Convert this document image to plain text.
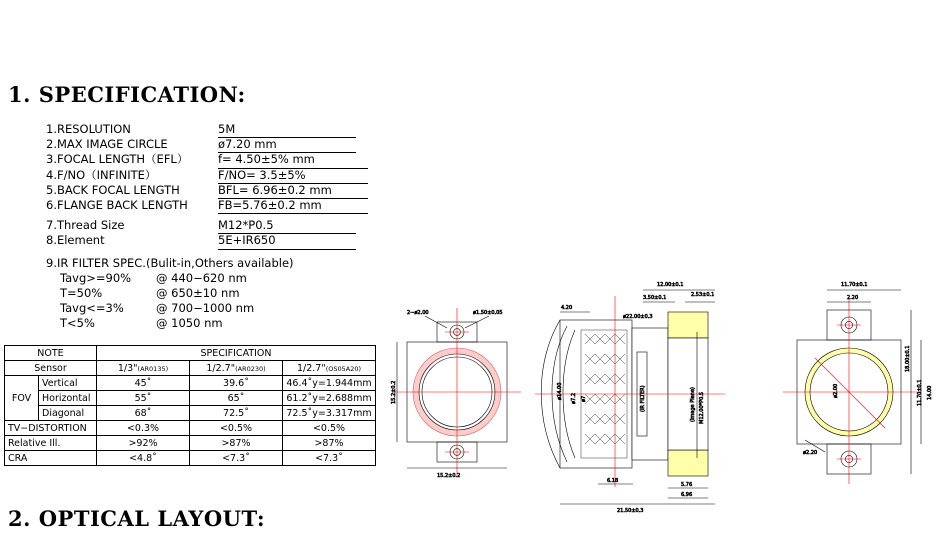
1. SPECIFICATION:
2. OPTICAL LAYOUT:
1.RESOLUTION	5M
2.MAX IMAGE CIRCLE	ø7.20 mm
3.FOCAL LENGTH（EFL）	f= 4.50±5% mm
4.F/NO（INFINITE）	F/NO= 3.5±5%
5.BACK FOCAL LENGTH	BFL= 6.96±0.2 mm
6.FLANGE BACK LENGTH	FB=5.76±0.2 mm
7.Thread Size	M12*P0.5
8.Element	5E+IR650
9.IR FILTER SPEC.(Bulit-in,Others available)
Tavg>=90% @ 440−620 nm
T=50%	@ 650±10 nm
Tavg<=3%	@ 700−1000 nm
T<5%	@ 1050 nm
NOTE		SPECIFICATION		
Sensor		1/3"(AR0135)	1/2.7"(AR0230)	1/2.7"(OS05A20)
FOV	Vertical	45˚	39.6˚	46.4˚y=1.944mm
	Horizontal	55˚	65˚	61.2˚y=2.688mm
	Diagonal	68˚	72.5˚	72.5˚y=3.317mm
TV−DISTORTION		<0.3%	<0.5%	<0.5%
Relative Ill.		>92%	>87%	>87%
CRA		<4.8˚	<7.3˚	<7.3˚
2−ø2.00	ø1.50±0.05
15.2±0.2
15.2±0.2
12.00±0.1
3.50±0.1	2.53±0.1
4.20
ø22.00±0.3
ø14.00 ø7.2 ø7	(IR FILTER)	(Image Plane) M12.00*P0.5
6.18
5.76
6.96
21.50±0.3
11.70±0.1
2.20
ø2.00
ø2.20
11.70±0.1
18.00±0.1
14.00
